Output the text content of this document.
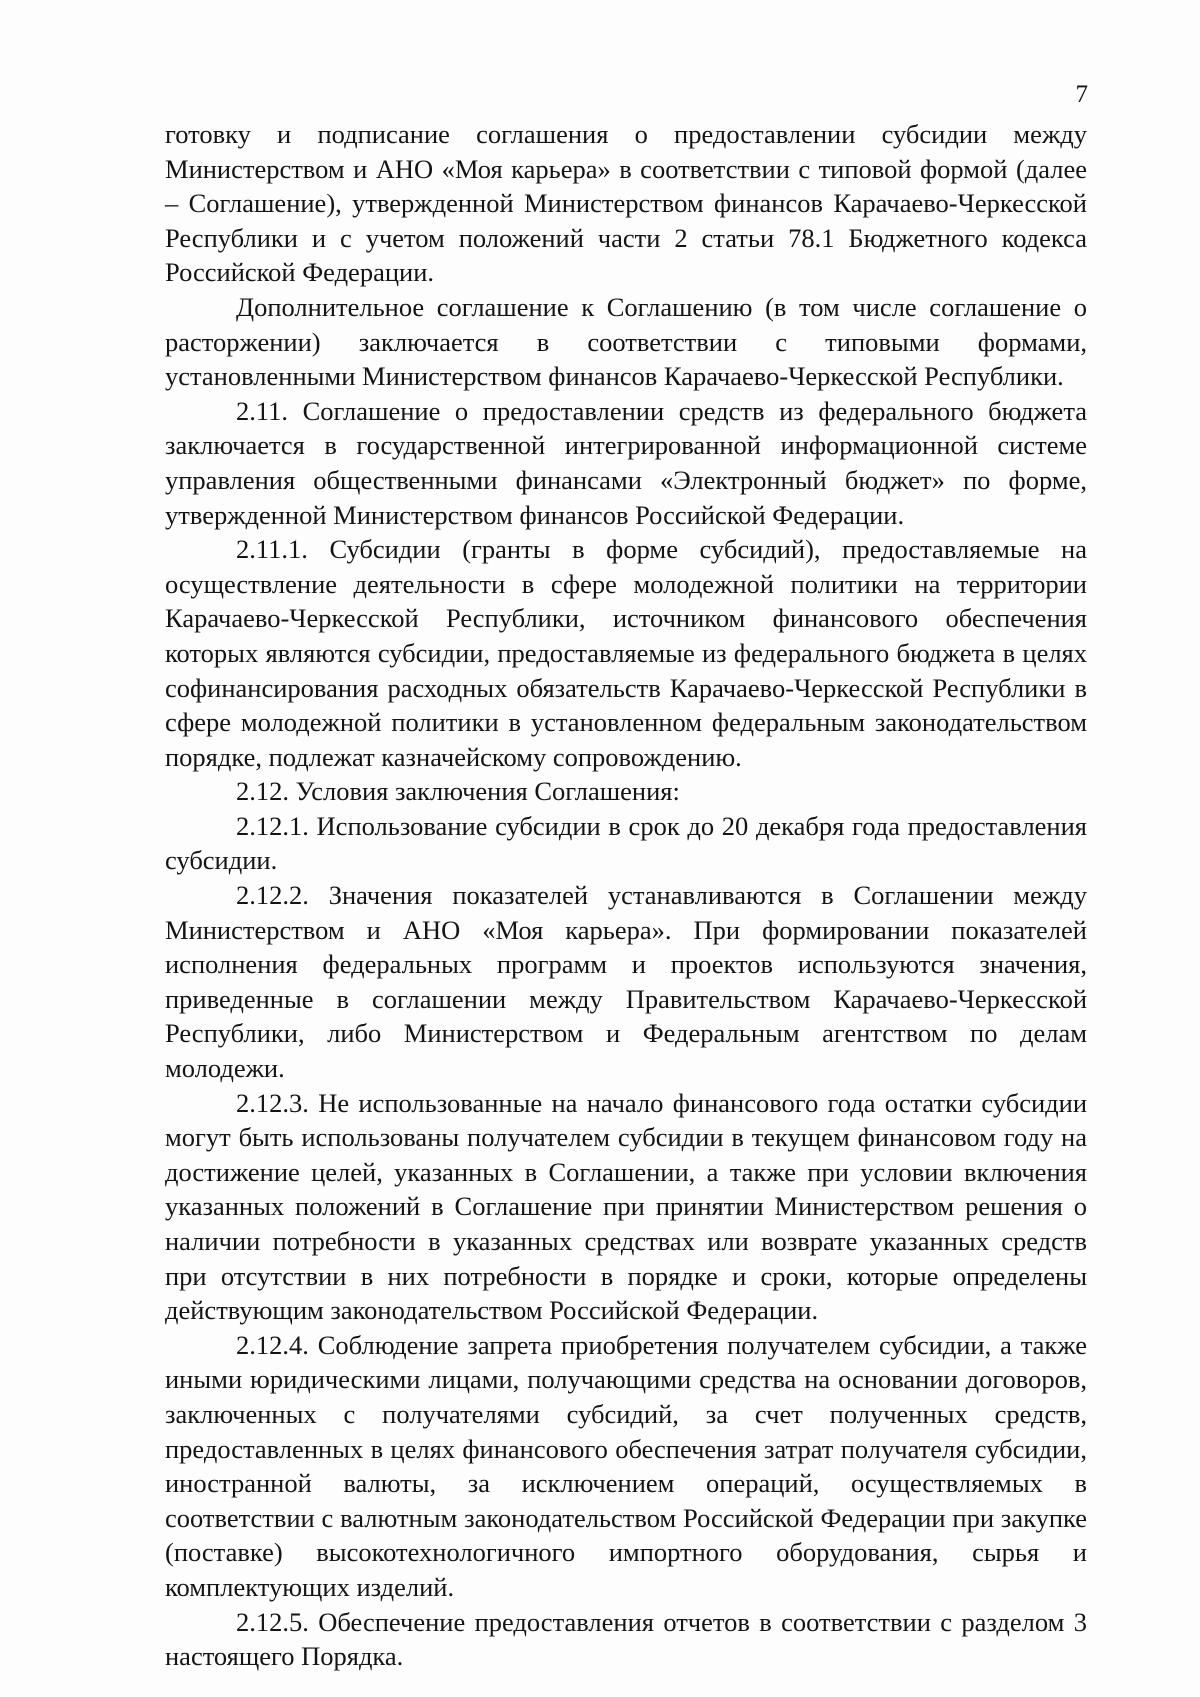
7

готовку и подписание соглашения о предоставлении субсидии между Министерством и АНО «Моя карьера» в соответствии с типовой формой (далее – Соглашение), утвержденной Министерством финансов Карачаево-Черкесской Республики и с учетом положений части 2 статьи 78.1 Бюджетного кодекса Российской Федерации.

Дополнительное соглашение к Соглашению (в том числе соглашение о расторжении) заключается в соответствии с типовыми формами, установленными Министерством финансов Карачаево-Черкесской Республики.

2.11. Соглашение о предоставлении средств из федерального бюджета заключается в государственной интегрированной информационной системе управления общественными финансами «Электронный бюджет» по форме, утвержденной Министерством финансов Российской Федерации.

2.11.1. Субсидии (гранты в форме субсидий), предоставляемые на осуществление деятельности в сфере молодежной политики на территории Карачаево-Черкесской Республики, источником финансового обеспечения которых являются субсидии, предоставляемые из федерального бюджета в целях софинансирования расходных обязательств Карачаево-Черкесской Республики в сфере молодежной политики в установленном федеральным законодательством порядке, подлежат казначейскому сопровождению.

2.12. Условия заключения Соглашения:

2.12.1. Использование субсидии в срок до 20 декабря года предоставления субсидии.

2.12.2. Значения показателей устанавливаются в Соглашении между Министерством и АНО «Моя карьера». При формировании показателей исполнения федеральных программ и проектов используются значения, приведенные в соглашении между Правительством Карачаево-Черкесской Республики, либо Министерством и Федеральным агентством по делам молодежи.

2.12.3. Не использованные на начало финансового года остатки субсидии могут быть использованы получателем субсидии в текущем финансовом году на достижение целей, указанных в Соглашении, а также при условии включения указанных положений в Соглашение при принятии Министерством решения о наличии потребности в указанных средствах или возврате указанных средств при отсутствии в них потребности в порядке и сроки, которые определены действующим законодательством Российской Федерации.

2.12.4. Соблюдение запрета приобретения получателем субсидии, а также иными юридическими лицами, получающими средства на основании договоров, заключенных с получателями субсидий, за счет полученных средств, предоставленных в целях финансового обеспечения затрат получателя субсидии, иностранной валюты, за исключением операций, осуществляемых в соответствии с валютным законодательством Российской Федерации при закупке (поставке) высокотехнологичного импортного оборудования, сырья и комплектующих изделий.

2.12.5. Обеспечение предоставления отчетов в соответствии с разделом 3 настоящего Порядка.
